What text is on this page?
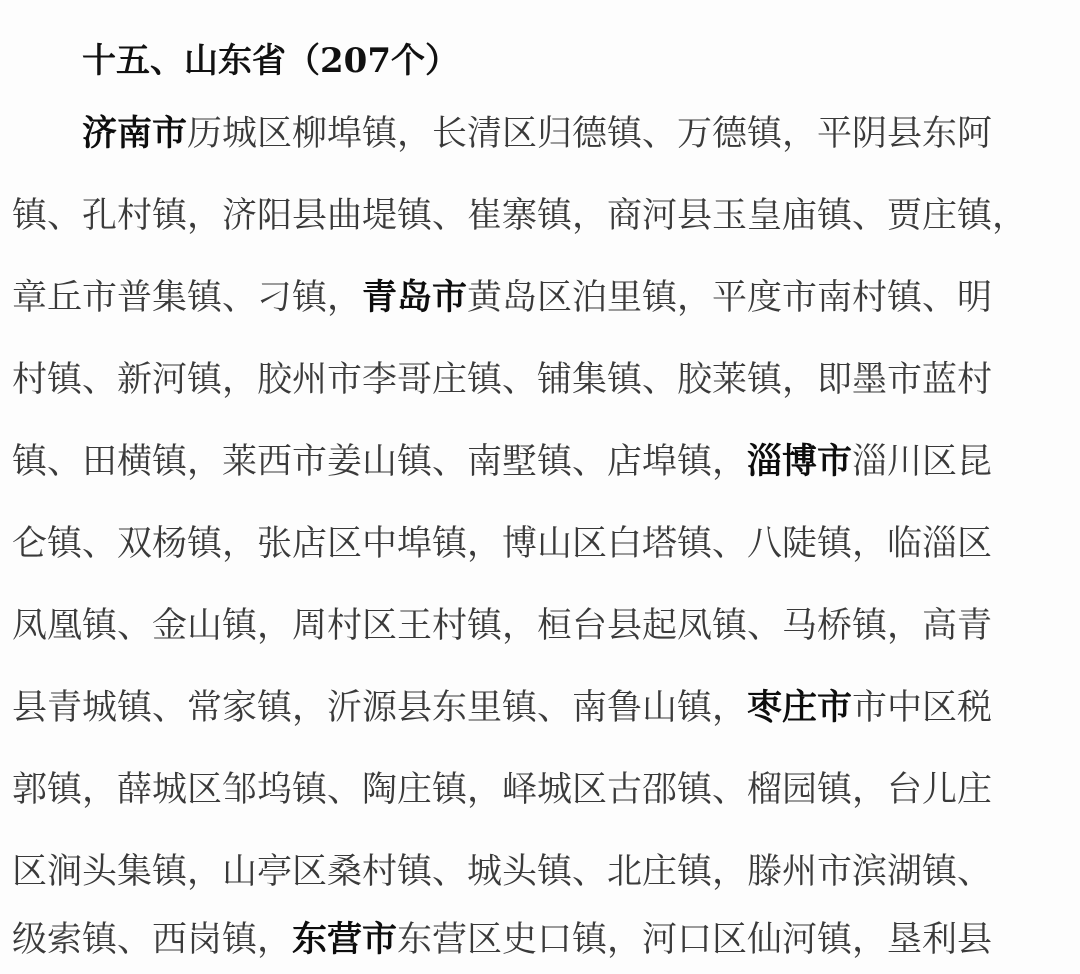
十五、山东省（207个）
济南市历城区柳埠镇，长清区归德镇、万德镇，平阴县东阿
镇、孔村镇，济阳县曲堤镇、崔寨镇，商河县玉皇庙镇、贾庄镇，
章丘市普集镇、刁镇，青岛市黄岛区泊里镇，平度市南村镇、明
村镇、新河镇，胶州市李哥庄镇、铺集镇、胶莱镇，即墨市蓝村
镇、田横镇，莱西市姜山镇、南墅镇、店埠镇，淄博市淄川区昆
仑镇、双杨镇，张店区中埠镇，博山区白塔镇、八陡镇，临淄区
凤凰镇、金山镇，周村区王村镇，桓台县起凤镇、马桥镇，高青
县青城镇、常家镇，沂源县东里镇、南鲁山镇，枣庄市市中区税
郭镇，薛城区邹坞镇、陶庄镇，峄城区古邵镇、榴园镇，台儿庄
区涧头集镇，山亭区桑村镇、城头镇、北庄镇，滕州市滨湖镇、
级索镇、西岗镇，东营市东营区史口镇，河口区仙河镇，垦利县
